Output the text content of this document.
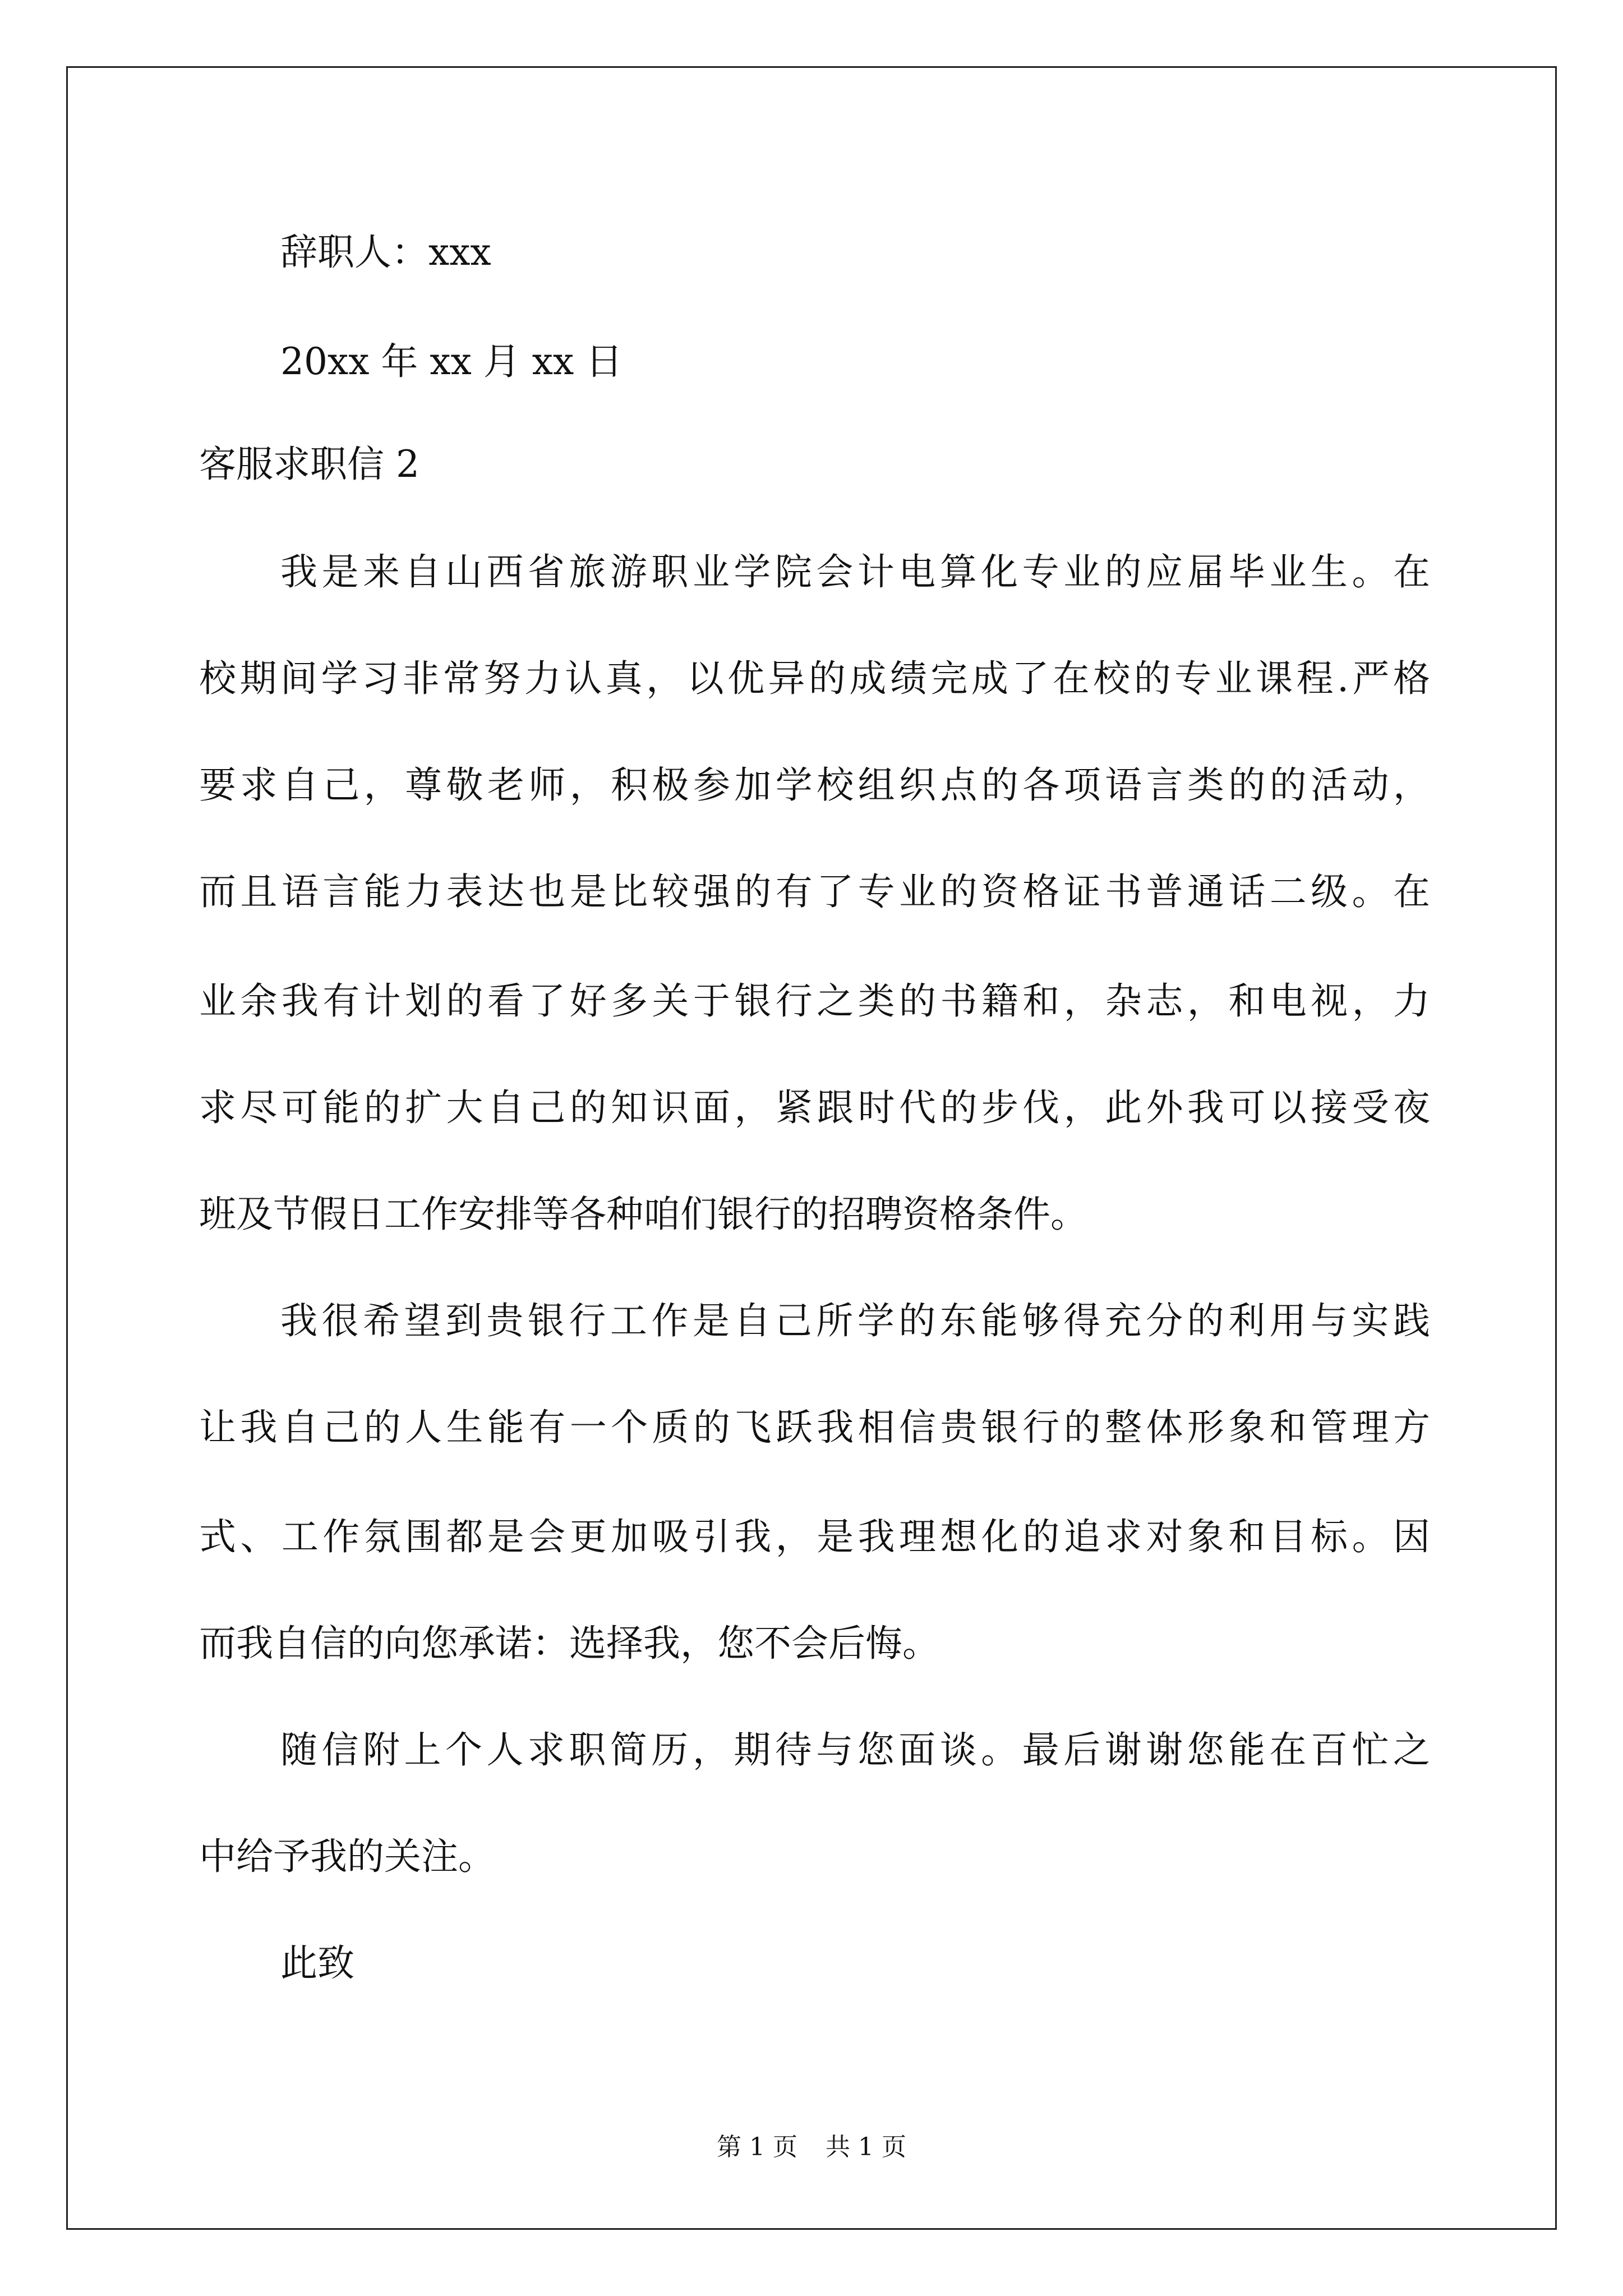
辞职人：xxx
20xx 年 xx 月 xx 日
客服求职信 2
我是来自山西省旅游职业学院会计电算化专业的应届毕业生。在
校期间学习非常努力认真，以优异的成绩完成了在校的专业课程.严格
要求自己，尊敬老师，积极参加学校组织点的各项语言类的的活动，
而且语言能力表达也是比较强的有了专业的资格证书普通话二级。在
业余我有计划的看了好多关于银行之类的书籍和，杂志，和电视，力
求尽可能的扩大自己的知识面，紧跟时代的步伐，此外我可以接受夜
班及节假日工作安排等各种咱们银行的招聘资格条件。
我很希望到贵银行工作是自己所学的东能够得充分的利用与实践
让我自己的人生能有一个质的飞跃我相信贵银行的整体形象和管理方
式、工作氛围都是会更加吸引我，是我理想化的追求对象和目标。因
而我自信的向您承诺：选择我，您不会后悔。
随信附上个人求职简历，期待与您面谈。最后谢谢您能在百忙之
中给予我的关注。
此致
第 1 页 共 1 页
